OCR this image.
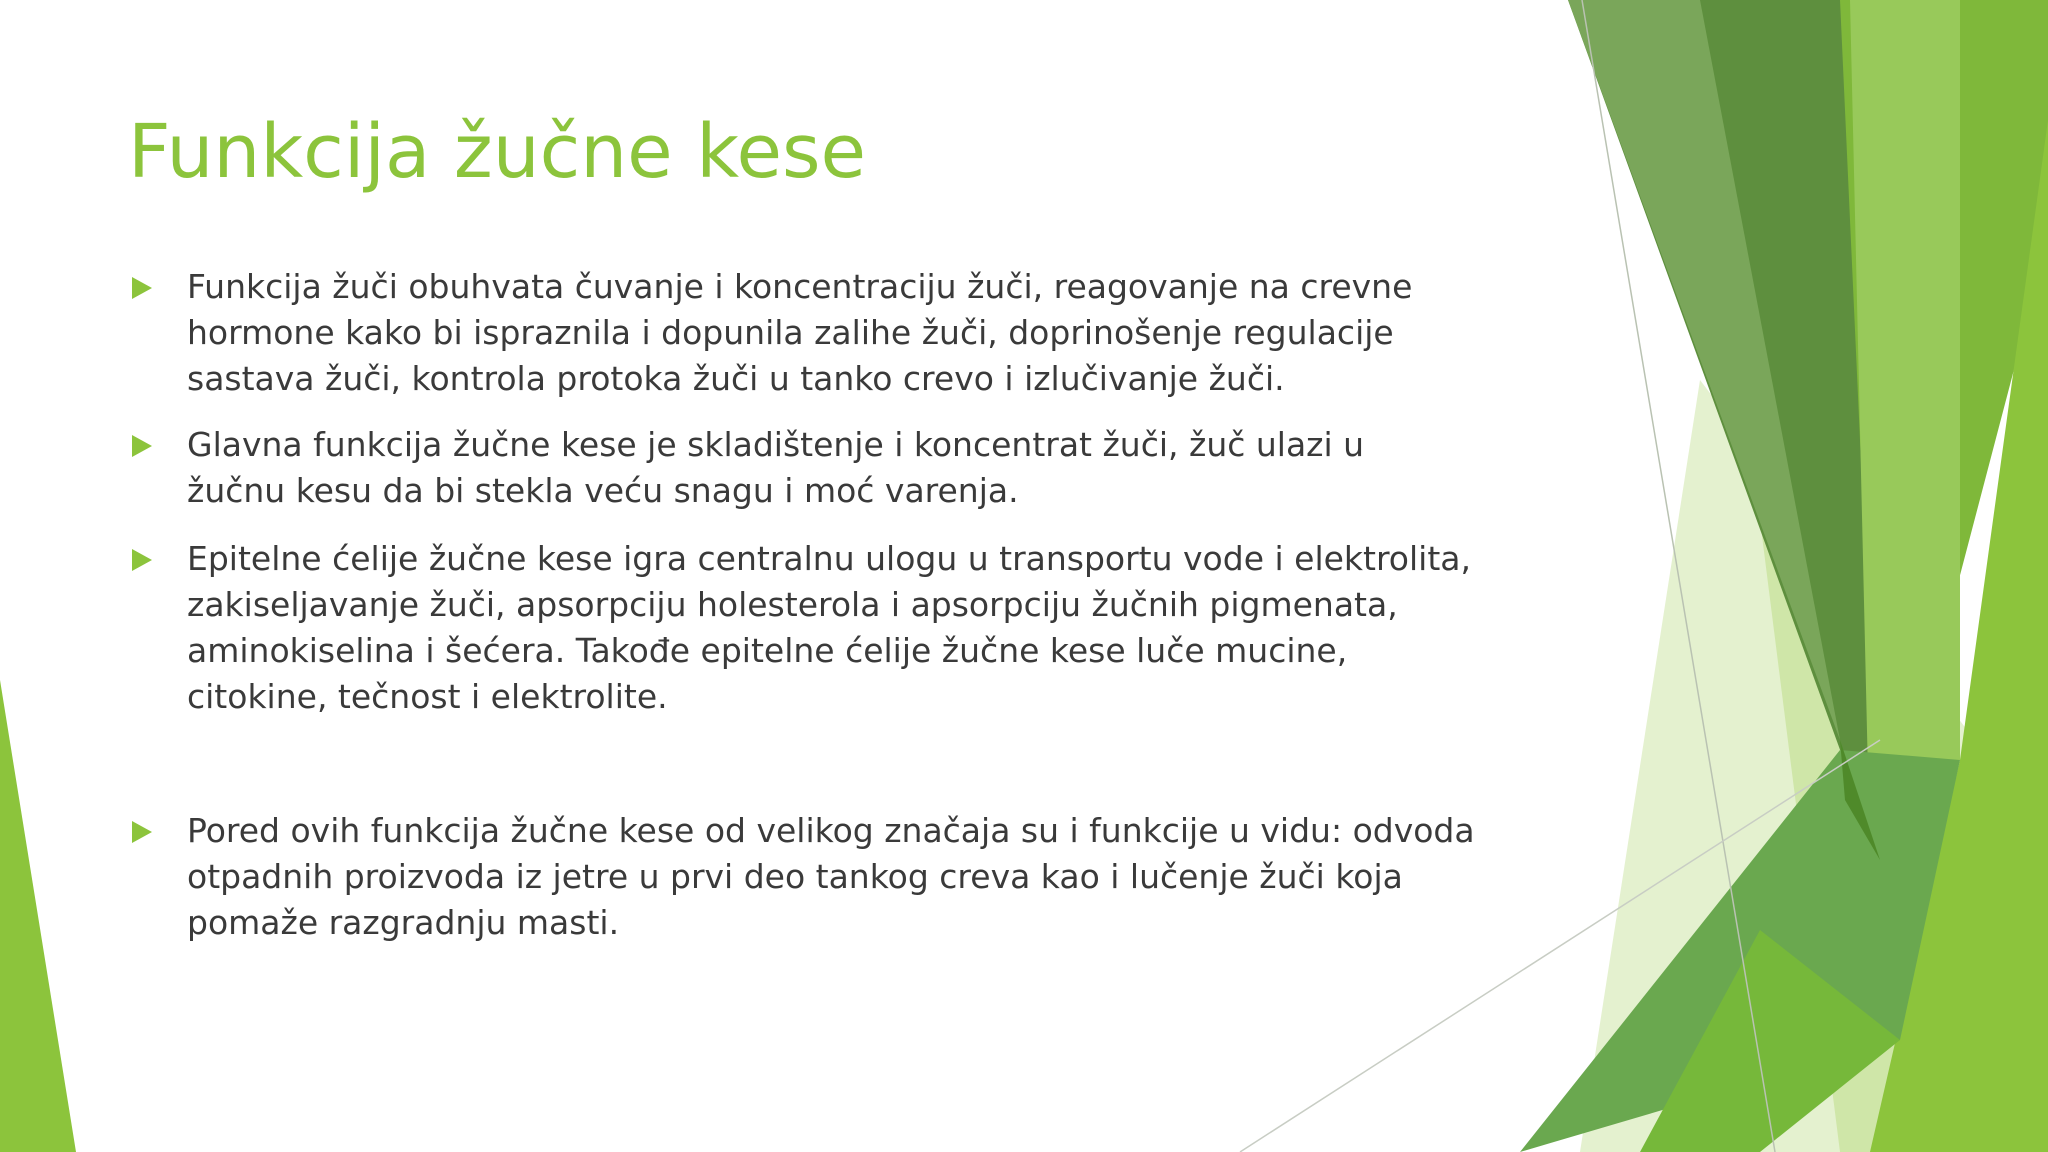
Funkcija žučne kese
Funkcija žuči obuhvata čuvanje i koncentraciju žuči, reagovanje na crevne
hormone kako bi ispraznila i dopunila zalihe žuči, doprinošenje regulacije
sastava žuči, kontrola protoka žuči u tanko crevo i izlučivanje žuči.
Glavna funkcija žučne kese je skladištenje i koncentrat žuči, žuč ulazi u
žučnu kesu da bi stekla veću snagu i moć varenja.
Epitelne ćelije žučne kese igra centralnu ulogu u transportu vode i elektrolita,
zakiseljavanje žuči, apsorpciju holesterola i apsorpciju žučnih pigmenata,
aminokiselina i šećera. Takođe epitelne ćelije žučne kese luče mucine,
citokine, tečnost i elektrolite.
Pored ovih funkcija žučne kese od velikog značaja su i funkcije u vidu: odvoda
otpadnih proizvoda iz jetre u prvi deo tankog creva kao i lučenje žuči koja
pomaže razgradnju masti.
